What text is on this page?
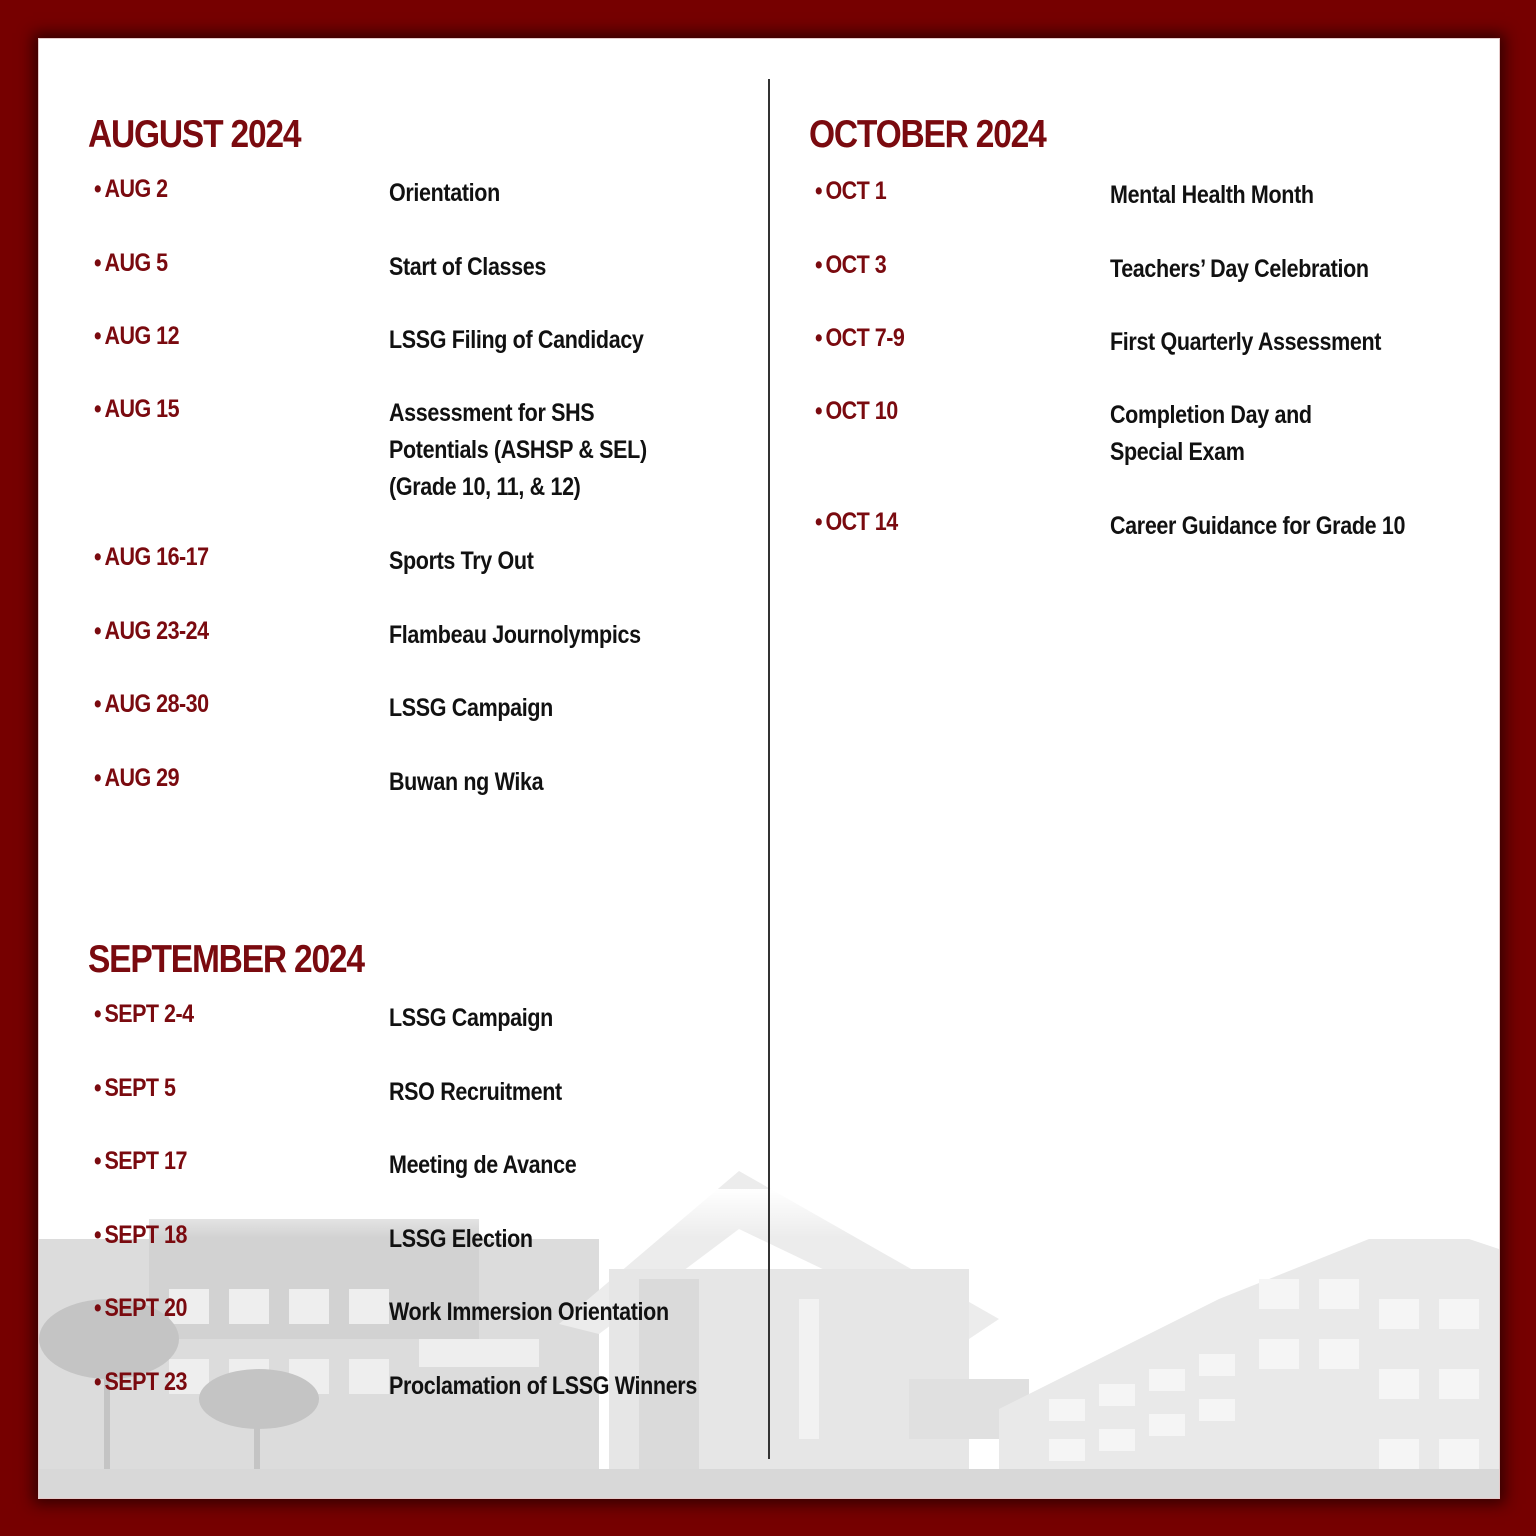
AUGUST 2024
• AUG 2	Orientation
• AUG 5	Start of Classes
• AUG 12	LSSG Filing of Candidacy
• AUG 15	Assessment for SHS
Potentials (ASHSP & SEL)
(Grade 10, 11, & 12)
• AUG 16-17	Sports Try Out
• AUG 23-24	Flambeau Journolympics
• AUG 28-30	LSSG Campaign
• AUG 29	Buwan ng Wika
SEPTEMBER 2024
• SEPT 2-4	LSSG Campaign
• SEPT 5	RSO Recruitment
• SEPT 17	Meeting de Avance
• SEPT 18	LSSG Election
• SEPT 20	Work Immersion Orientation
• SEPT 23	Proclamation of LSSG Winners
OCTOBER 2024
• OCT 1	Mental Health Month
• OCT 3	Teachers’ Day Celebration
• OCT 7-9	First Quarterly Assessment
• OCT 10	Completion Day and
Special Exam
• OCT 14	Career Guidance for Grade 10
